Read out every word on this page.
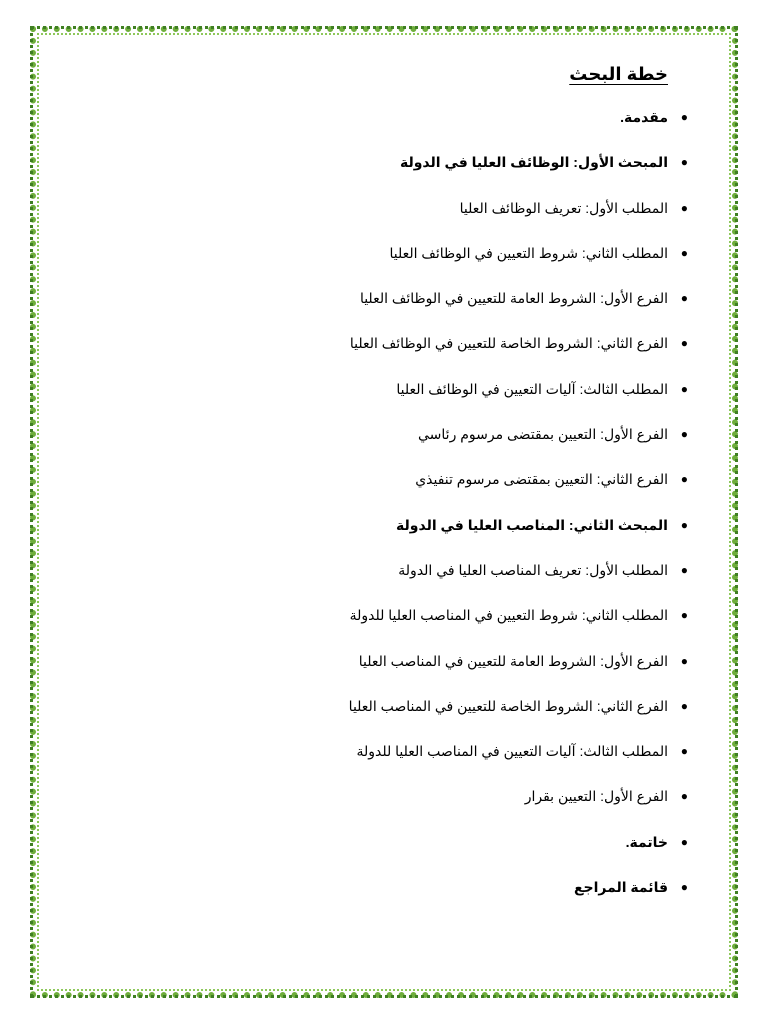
خطة البحث
●
مقدمة.
●
المبحث الأول: الوظائف العليا في الدولة
●
المطلب الأول: تعريف الوظائف العليا
●
المطلب الثاني: شروط التعيين في الوظائف العليا
●
الفرع الأول: الشروط العامة للتعيين في الوظائف العليا
●
الفرع الثاني: الشروط الخاصة للتعيين في الوظائف العليا
●
المطلب الثالث: آليات التعيين في الوظائف العليا
●
الفرع الأول: التعيين بمقتضى مرسوم رئاسي
●
الفرع الثاني: التعيين بمقتضى مرسوم تنفيذي
●
المبحث الثاني: المناصب العليا في الدولة
●
المطلب الأول: تعريف المناصب العليا في الدولة
●
المطلب الثاني: شروط التعيين في المناصب العليا للدولة
●
الفرع الأول: الشروط العامة للتعيين في المناصب العليا
●
الفرع الثاني: الشروط الخاصة للتعيين في المناصب العليا
●
المطلب الثالث: آليات التعيين في المناصب العليا للدولة
●
الفرع الأول: التعيين بقرار
●
خاتمة.
●
قائمة المراجع
